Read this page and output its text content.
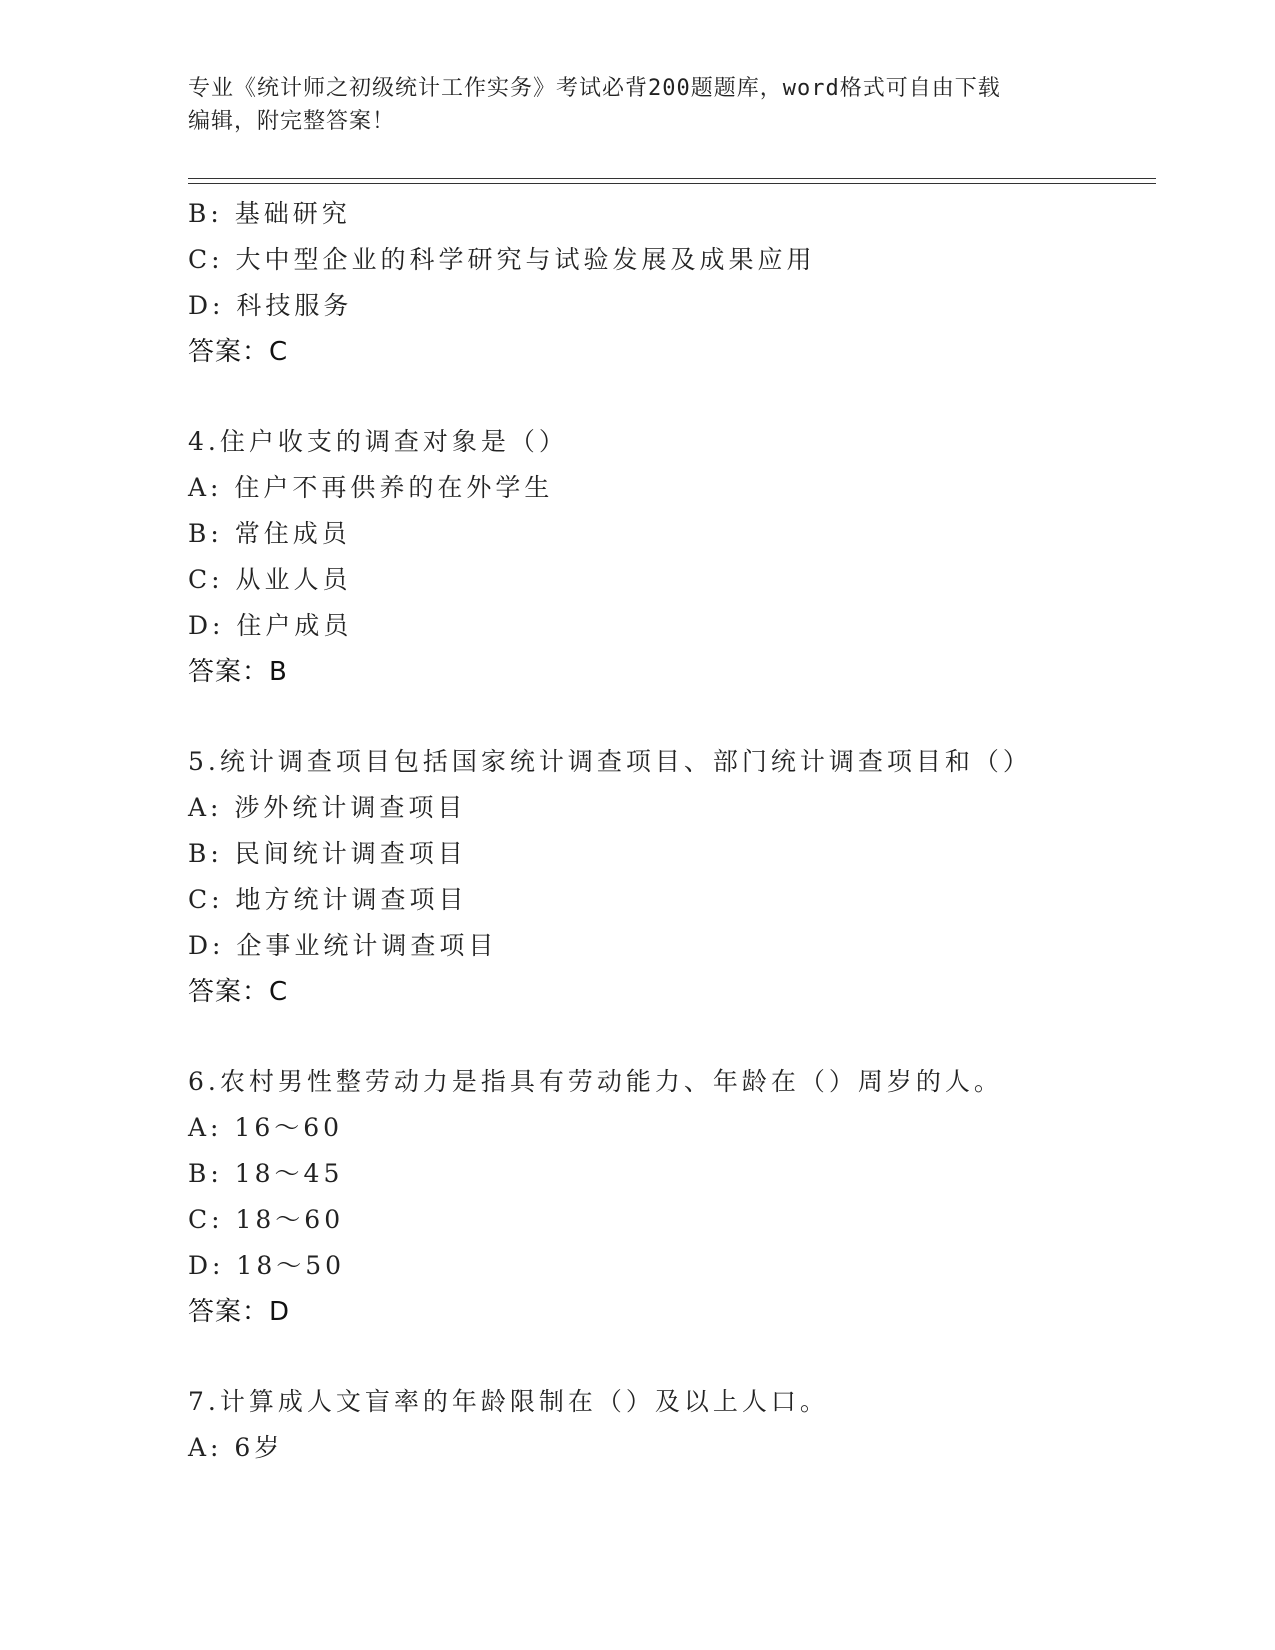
专业《统计师之初级统计工作实务》考试必背200题题库，word格式可自由下载
编辑，附完整答案！
B: 基础研究
C: 大中型企业的科学研究与试验发展及成果应用
D: 科技服务
答案：C
4.住户收支的调查对象是（）
A: 住户不再供养的在外学生
B: 常住成员
C: 从业人员
D: 住户成员
答案：B
5.统计调查项目包括国家统计调查项目、部门统计调查项目和（）
A: 涉外统计调查项目
B: 民间统计调查项目
C: 地方统计调查项目
D: 企事业统计调查项目
答案：C
6.农村男性整劳动力是指具有劳动能力、年龄在（）周岁的人。
A: 16～60
B: 18～45
C: 18～60
D: 18～50
答案：D
7.计算成人文盲率的年龄限制在（）及以上人口。
A: 6岁
